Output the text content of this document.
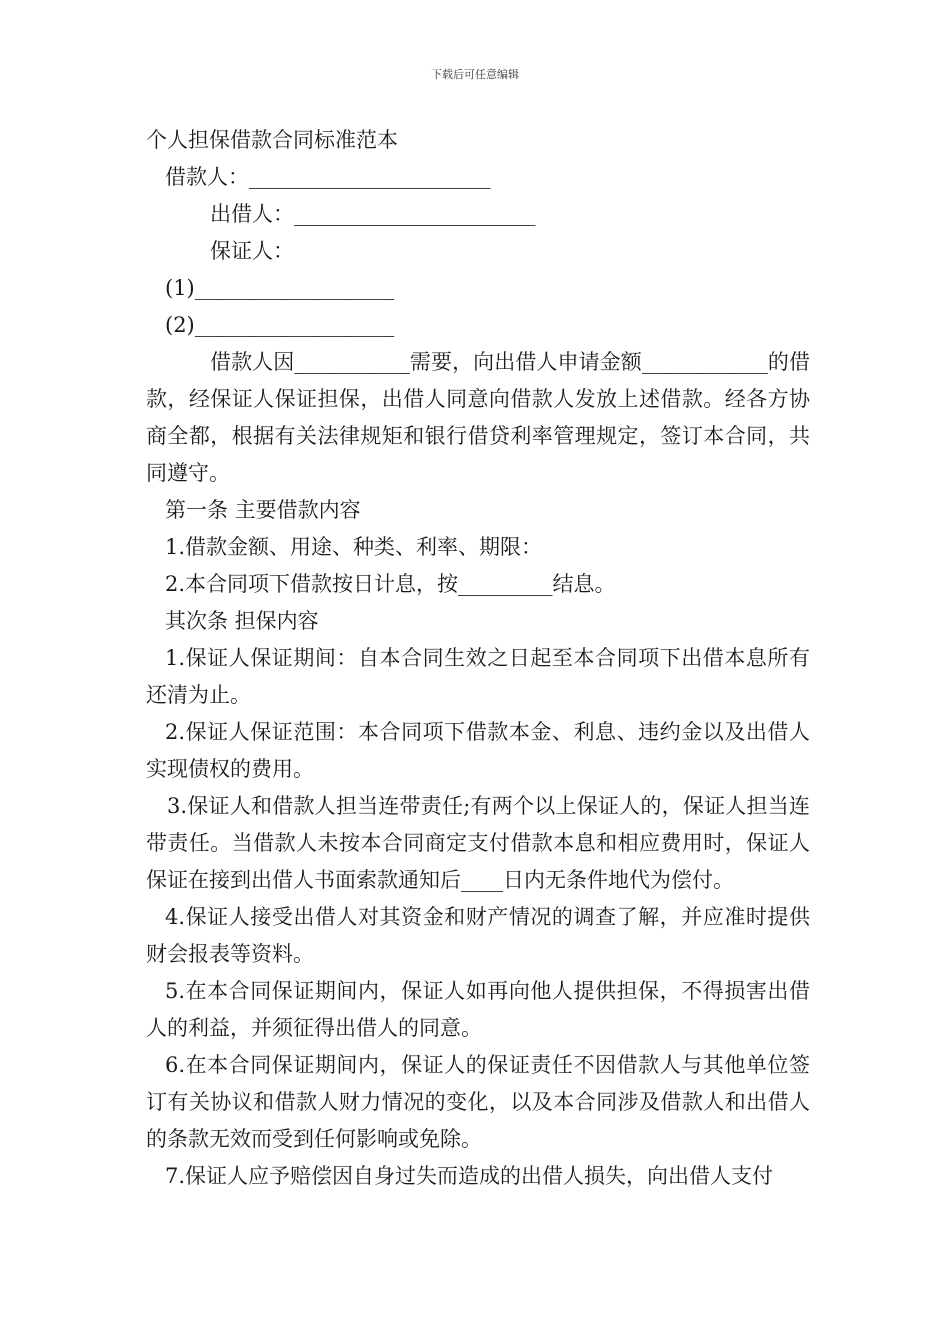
下载后可任意编辑

个人担保借款合同标准范本

借款人：_______________________

出借人：_______________________

保证人：

(1)___________________

(2)___________________

借款人因___________需要，向出借人申请金额____________的借款，经保证人保证担保，出借人同意向借款人发放上述借款。经各方协商全都，根据有关法律规矩和银行借贷利率管理规定，签订本合同，共同遵守。

第一条 主要借款内容

1.借款金额、用途、种类、利率、期限：

2.本合同项下借款按日计息，按_________结息。

其次条 担保内容

1.保证人保证期间：自本合同生效之日起至本合同项下出借本息所有还清为止。

2.保证人保证范围：本合同项下借款本金、利息、违约金以及出借人实现债权的费用。

3.保证人和借款人担当连带责任;有两个以上保证人的，保证人担当连带责任。当借款人未按本合同商定支付借款本息和相应费用时，保证人保证在接到出借人书面索款通知后____日内无条件地代为偿付。

4.保证人接受出借人对其资金和财产情况的调查了解，并应准时提供财会报表等资料。

5.在本合同保证期间内，保证人如再向他人提供担保，不得损害出借人的利益，并须征得出借人的同意。

6.在本合同保证期间内，保证人的保证责任不因借款人与其他单位签订有关协议和借款人财力情况的变化，以及本合同涉及借款人和出借人的条款无效而受到任何影响或免除。

7.保证人应予赔偿因自身过失而造成的出借人损失，向出借人支付
